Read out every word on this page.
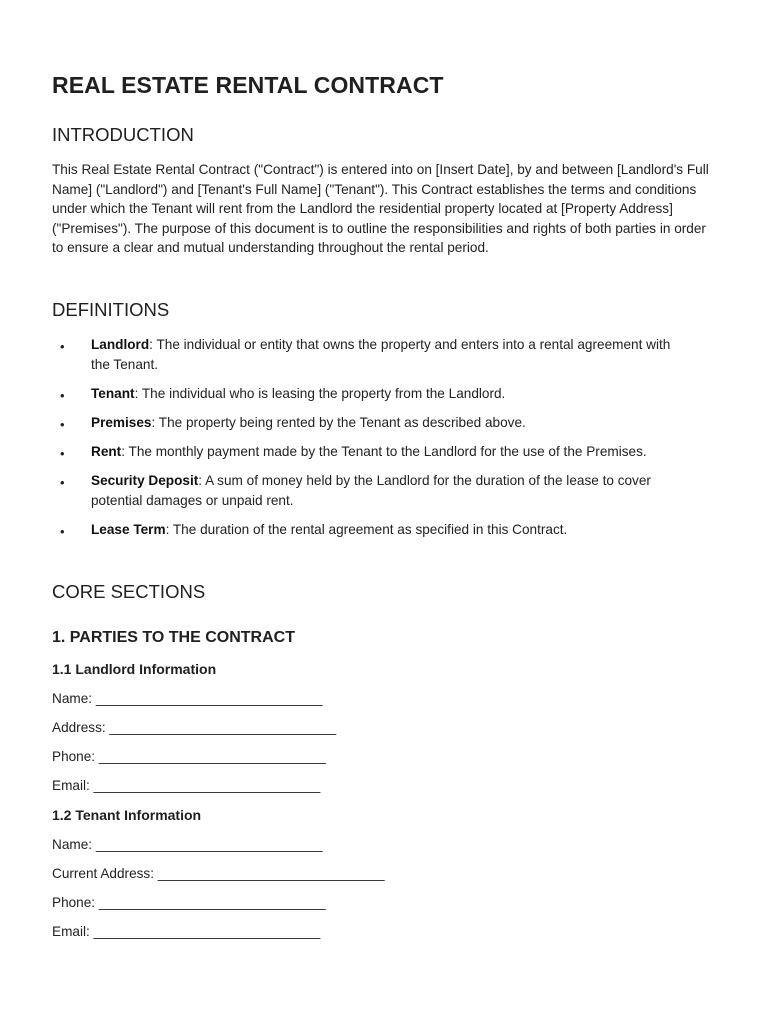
REAL ESTATE RENTAL CONTRACT
INTRODUCTION

This Real Estate Rental Contract ("Contract") is entered into on [Insert Date], by and between [Landlord's Full Name] ("Landlord") and [Tenant's Full Name] ("Tenant"). This Contract establishes the terms and conditions under which the Tenant will rent from the Landlord the residential property located at [Property Address] ("Premises"). The purpose of this document is to outline the responsibilities and rights of both parties in order to ensure a clear and mutual understanding throughout the rental period.

DEFINITIONS
• Landlord: The individual or entity that owns the property and enters into a rental agreement with the Tenant.
• Tenant: The individual who is leasing the property from the Landlord.
• Premises: The property being rented by the Tenant as described above.
• Rent: The monthly payment made by the Tenant to the Landlord for the use of the Premises.
• Security Deposit: A sum of money held by the Landlord for the duration of the lease to cover potential damages or unpaid rent.
• Lease Term: The duration of the rental agreement as specified in this Contract.
CORE SECTIONS
1. PARTIES TO THE CONTRACT
1.1 Landlord Information

Name: ______________________________

Address: ______________________________

Phone: ______________________________

Email: ______________________________

1.2 Tenant Information

Name: ______________________________

Current Address: ______________________________

Phone: ______________________________

Email: ______________________________
